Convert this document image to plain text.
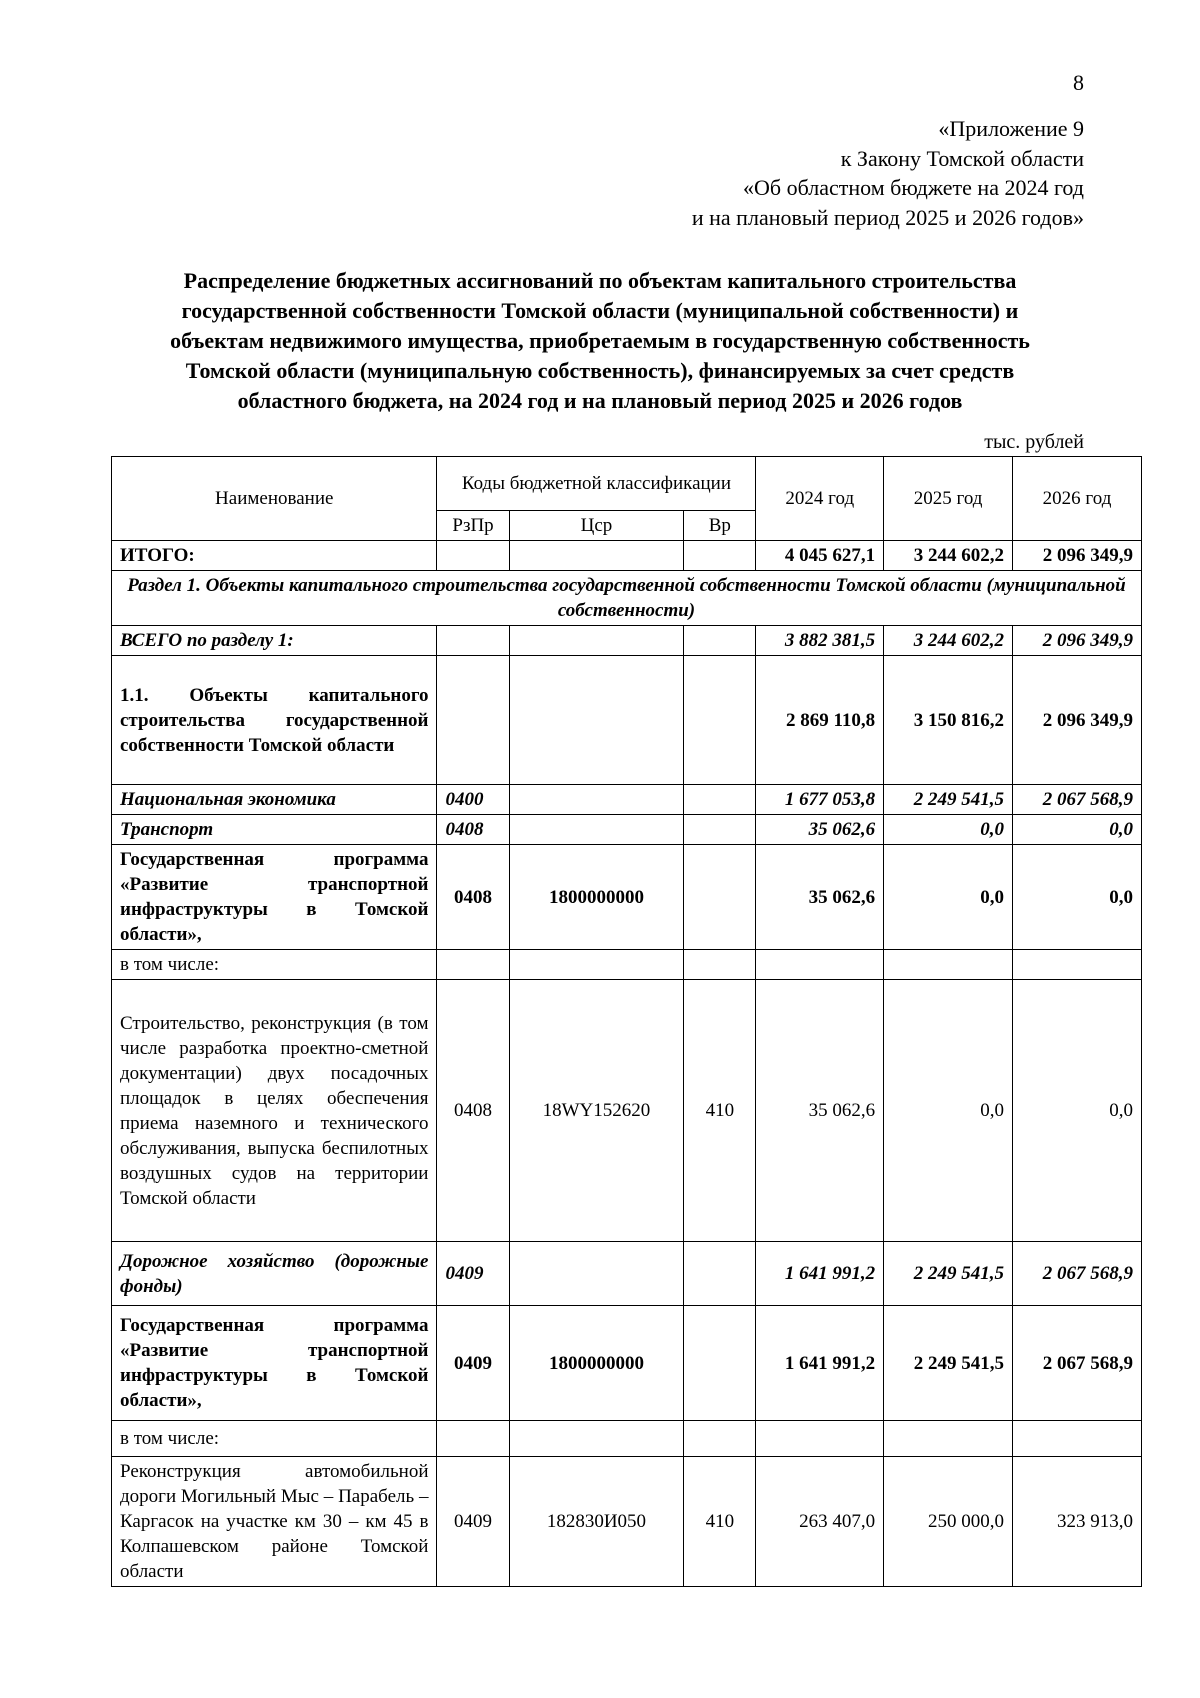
8
«Приложение 9
к Закону Томской области
«Об областном бюджете на 2024 год
и на плановый период 2025 и 2026 годов»
Распределение бюджетных ассигнований по объектам капитального строительства
государственной собственности Томской области (муниципальной собственности) и
объектам недвижимого имущества, приобретаемым в государственную собственность
Томской области (муниципальную собственность), финансируемых за счет средств
областного бюджета, на 2024 год и на плановый период 2025 и 2026 годов
тыс. рублей
Наименование	Коды бюджетной классификации			2024 год	2025 год	2026 год
	РзПр	Цср	Вр			
ИТОГО:				4 045 627,1	3 244 602,2	2 096 349,9
Раздел 1. Объекты капитального строительства государственной собственности Томской области (муниципальной собственности)						
ВСЕГО по разделу 1:				3 882 381,5	3 244 602,2	2 096 349,9
1.1. Объекты капитального строительства государственной собственности Томской области				2 869 110,8	3 150 816,2	2 096 349,9
Национальная экономика	0400			1 677 053,8	2 249 541,5	2 067 568,9
Транспорт	0408			35 062,6	0,0	0,0
Государственная программа «Развитие транспортной инфраструктуры в Томской области»,	0408	1800000000		35 062,6	0,0	0,0
в том числе:						
Строительство, реконструкция (в том числе разработка проектно-сметной документации) двух посадочных площадок в целях обеспечения приема наземного и технического обслуживания, выпуска беспилотных воздушных судов на территории Томской области	0408	18WY152620	410	35 062,6	0,0	0,0
Дорожное хозяйство (дорожные фонды)	0409			1 641 991,2	2 249 541,5	2 067 568,9
Государственная программа «Развитие транспортной инфраструктуры в Томской области»,	0409	1800000000		1 641 991,2	2 249 541,5	2 067 568,9
в том числе:						
Реконструкция автомобильной дороги Могильный Мыс – Парабель – Каргасок на участке км 30 – км 45 в Колпашевском районе Томской области	0409	182830И050	410	263 407,0	250 000,0	323 913,0
